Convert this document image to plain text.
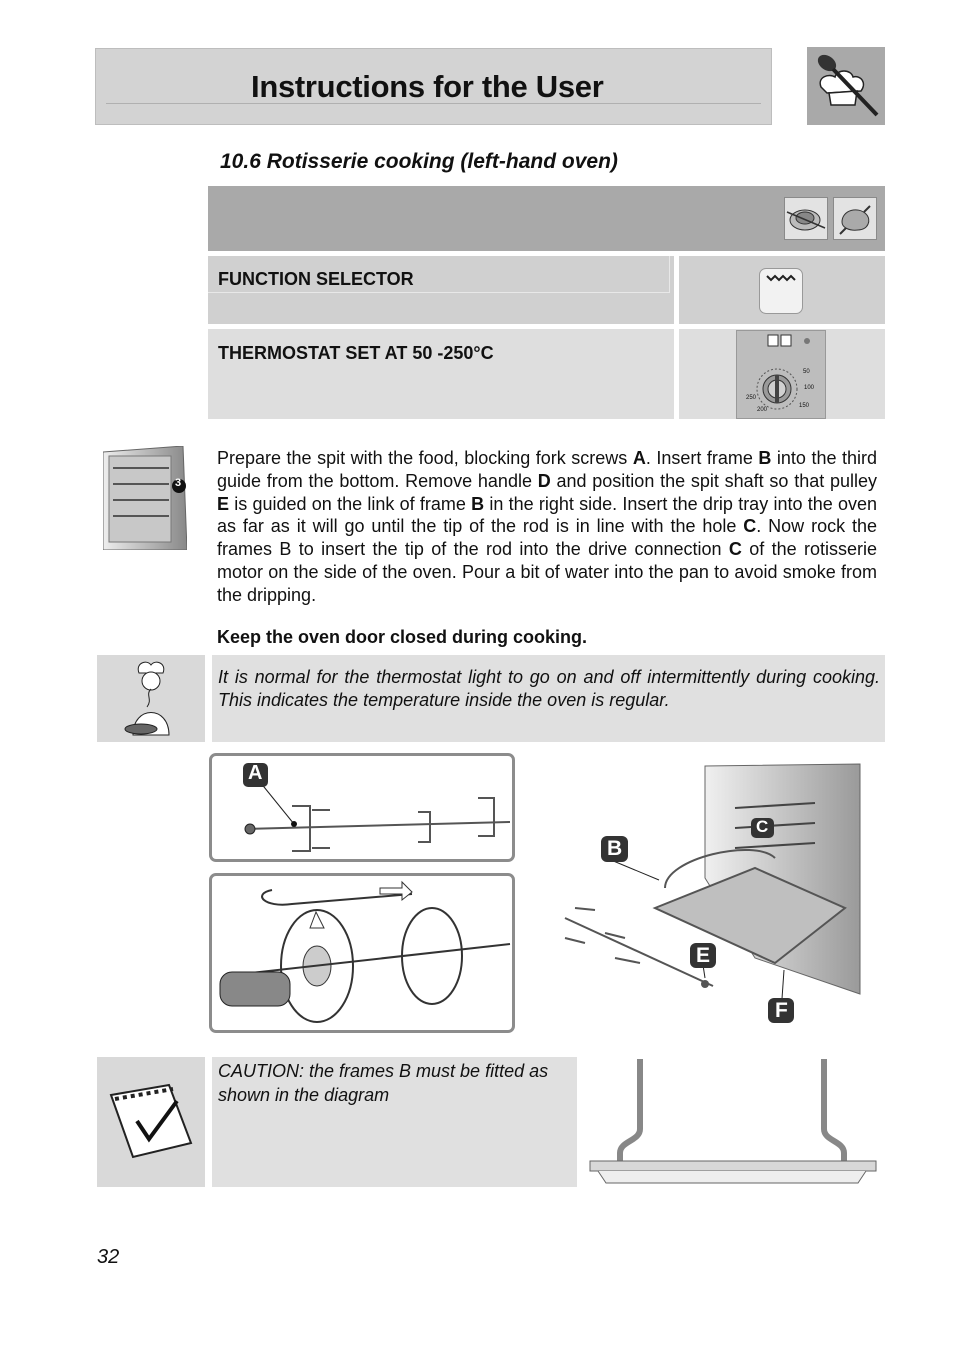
Instructions for the User
10.6 Rotisserie cooking (left-hand oven)
FUNCTION SELECTOR
THERMOSTAT SET AT 50 -250°C
50
100
150
200
250
3
Prepare the spit with the food, blocking fork screws A. Insert frame B into the third guide from the bottom. Remove handle D and position the spit shaft so that pulley E is guided on the link of frame B in the right side. Insert the drip tray into the oven as far as it will go until the tip of the rod is in line with the hole C. Now rock the frames B to insert the tip of the rod into the drive connection C of the rotisserie motor on the side of the oven. Pour a bit of water into the pan to avoid smoke from the dripping.
Keep the oven door closed during cooking.
It is normal for the thermostat light to go on and off intermittently during cooking. This indicates the temperature inside the oven is regular.
A
B
C
E
F
CAUTION: the frames B must be fitted as shown in the diagram
32
